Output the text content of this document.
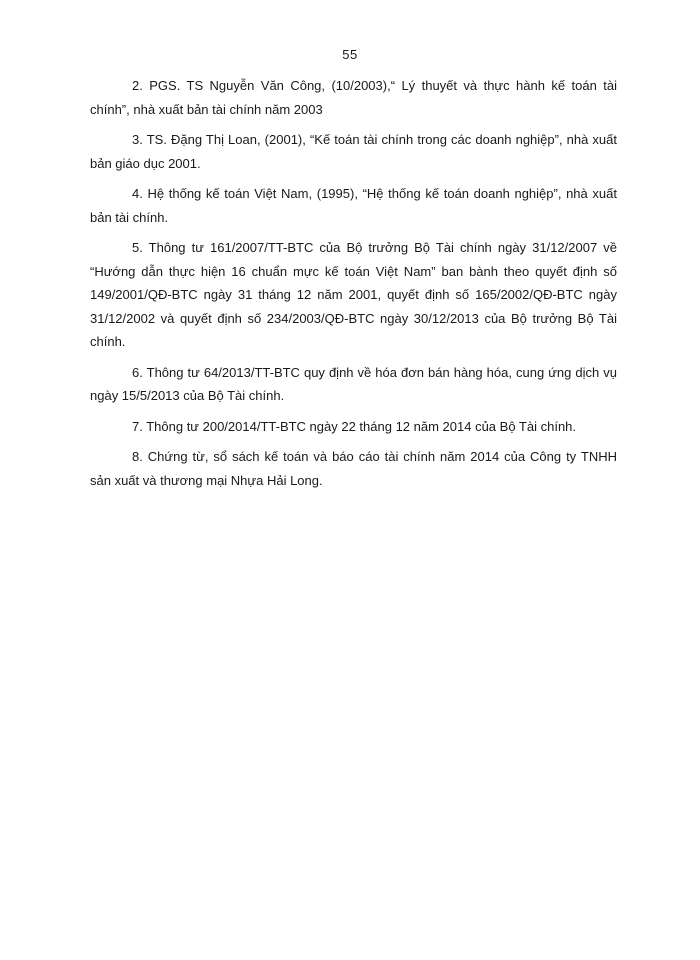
55

2. PGS. TS Nguyễn Văn Công, (10/2003),“ Lý thuyết và thực hành kế toán tài chính”, nhà xuất bản tài chính năm 2003

3. TS. Đặng Thị Loan, (2001), “Kế toán tài chính trong các doanh nghiệp”, nhà xuất bản giáo dục 2001.

4. Hệ thống kế toán Việt Nam, (1995), “Hệ thống kế toán doanh nghiệp”, nhà xuất bản tài chính.

5. Thông tư 161/2007/TT-BTC của Bộ trưởng Bộ Tài chính ngày 31/12/2007 về “Hướng dẫn thực hiện 16 chuẩn mực kế toán Việt Nam” ban bành theo quyết định số 149/2001/QĐ-BTC ngày 31 tháng 12 năm 2001, quyết định số 165/2002/QĐ-BTC ngày 31/12/2002 và quyết định số 234/2003/QĐ-BTC ngày 30/12/2013 của Bộ trưởng Bộ Tài chính.

6. Thông tư 64/2013/TT-BTC quy định về hóa đơn bán hàng hóa, cung ứng dịch vụ ngày 15/5/2013 của Bộ Tài chính.

7. Thông tư 200/2014/TT-BTC ngày 22 tháng 12 năm 2014 của Bộ Tài chính.

8. Chứng từ, sổ sách kế toán và báo cáo tài chính năm 2014 của Công ty TNHH sản xuất và thương mại Nhựa Hải Long.
